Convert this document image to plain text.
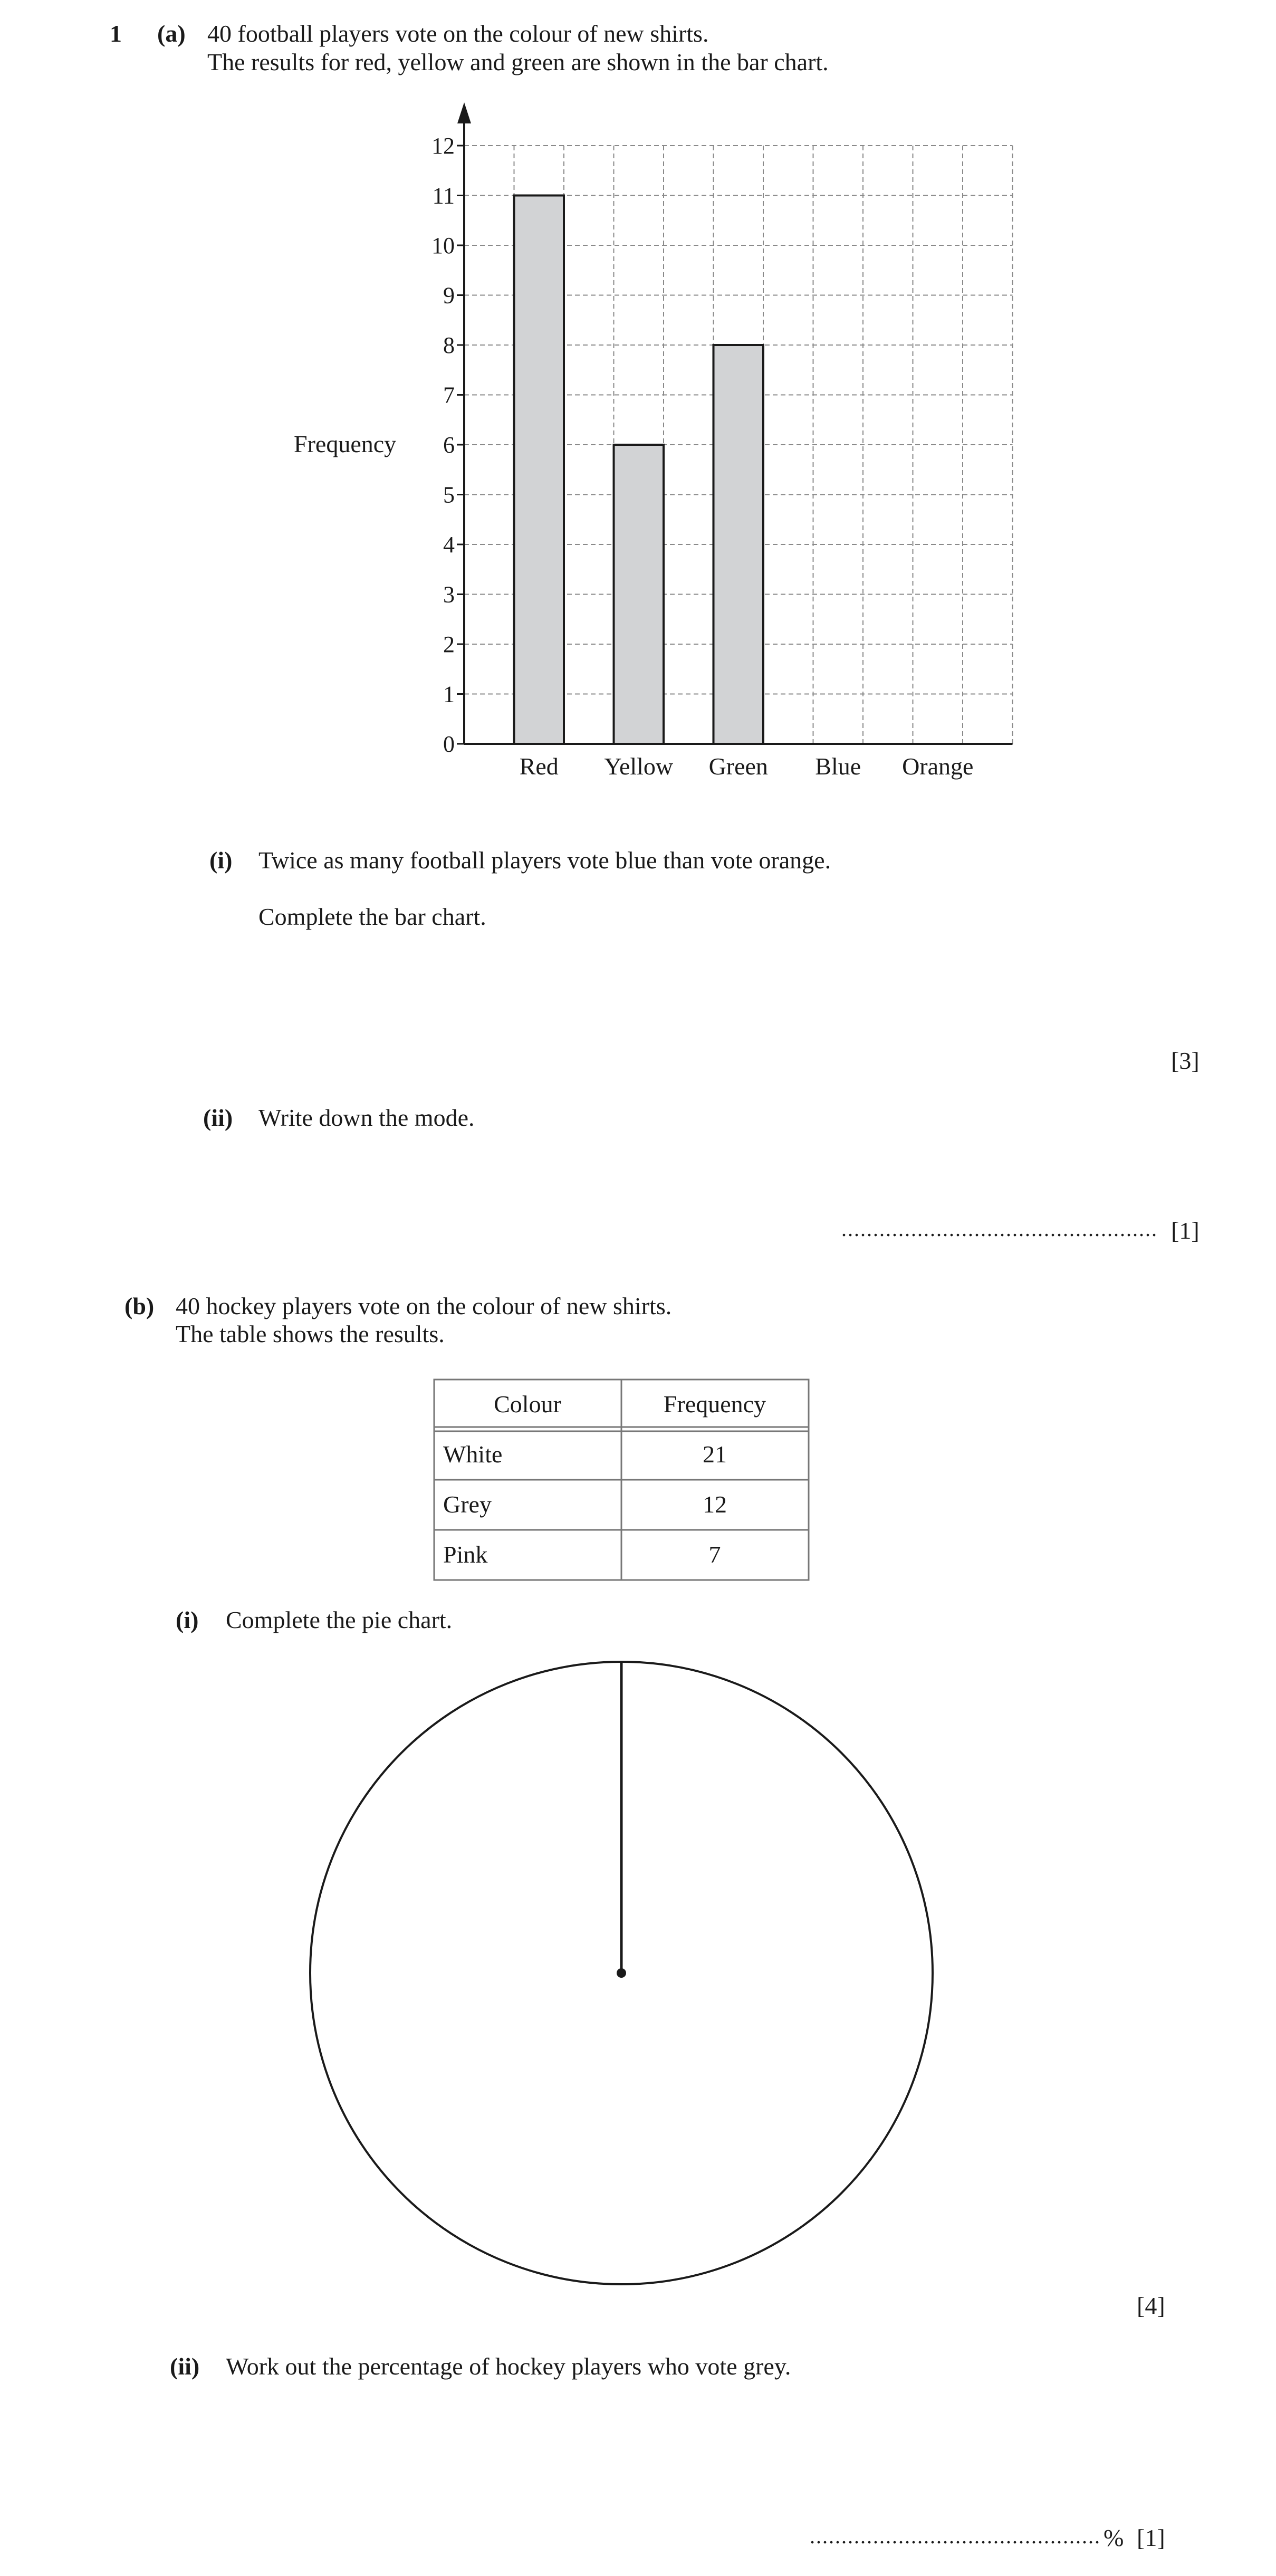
1 (a) 40 football players vote on the colour of new shirts.
The results for red, yellow and green are shown in the bar chart.
Red Yellow Green Blue Orange
0
1
2
3
4
5
6
7
8
9
10
11
12
Frequency
(i) Twice as many football players vote blue than vote orange.
Complete the bar chart.
[3]
(ii) Write down the mode.
.................................................. [1]
(b) 40 hockey players vote on the colour of new shirts.
The table shows the results.
Colour	Frequency
White	21
Grey	12
Pink	7
(i) Complete the pie chart.
[4]
(ii) Work out the percentage of hockey players who vote grey.
.............................................. % [1]
